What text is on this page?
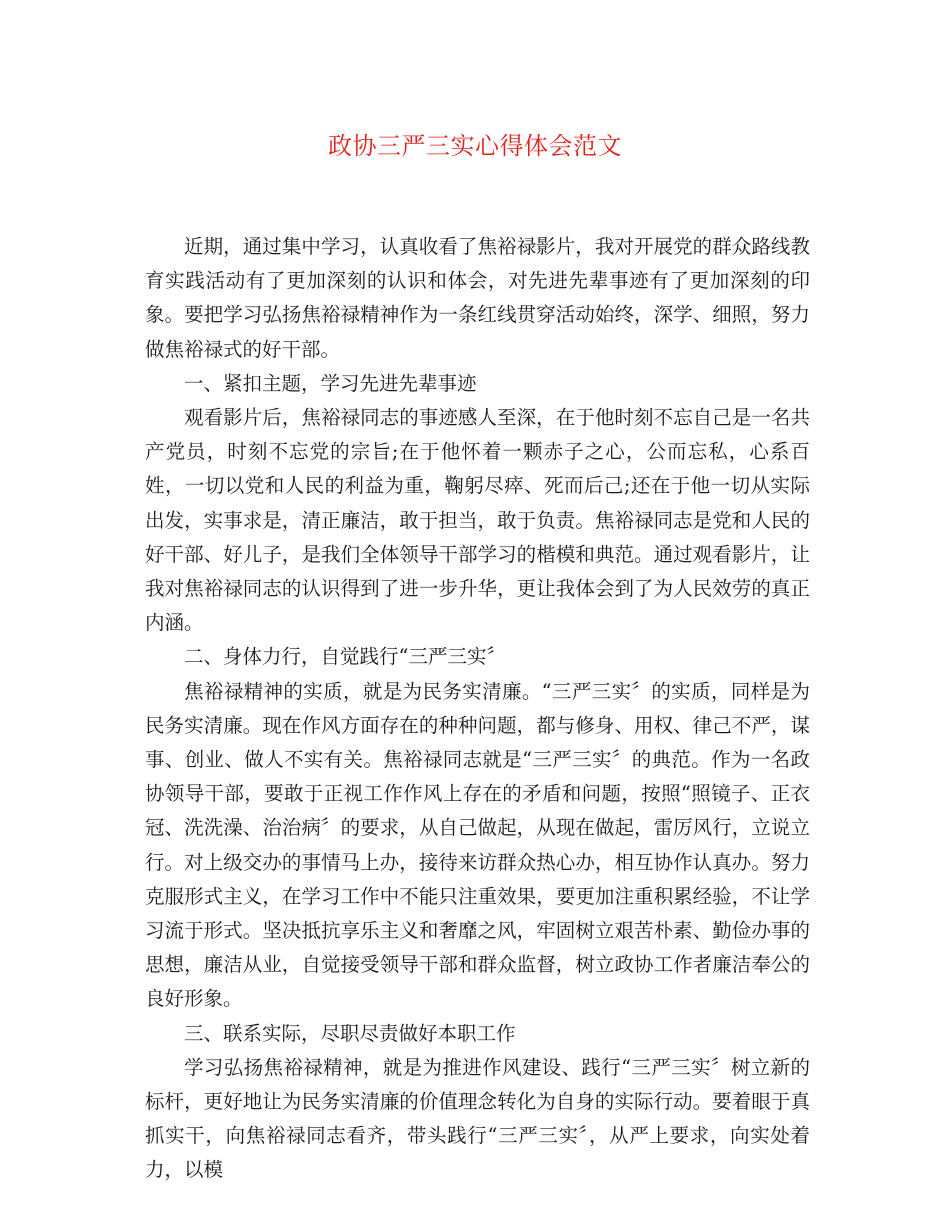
政协三严三实心得体会范文

近期，通过集中学习，认真收看了焦裕禄影片，我对开展党的群众路线教育实践活动有了更加深刻的认识和体会，对先进先辈事迹有了更加深刻的印象。要把学习弘扬焦裕禄精神作为一条红线贯穿活动始终，深学、细照，努力做焦裕禄式的好干部。

一、紧扣主题，学习先进先辈事迹

观看影片后，焦裕禄同志的事迹感人至深，在于他时刻不忘自己是一名共产党员，时刻不忘党的宗旨;在于他怀着一颗赤子之心，公而忘私，心系百姓，一切以党和人民的利益为重，鞠躬尽瘁、死而后己;还在于他一切从实际出发，实事求是，清正廉洁，敢于担当，敢于负责。焦裕禄同志是党和人民的好干部、好儿子，是我们全体领导干部学习的楷模和典范。通过观看影片，让我对焦裕禄同志的认识得到了进一步升华，更让我体会到了为人民效劳的真正内涵。

二、身体力行，自觉践行“三严三实〞

焦裕禄精神的实质，就是为民务实清廉。“三严三实〞的实质，同样是为民务实清廉。现在作风方面存在的种种问题，都与修身、用权、律己不严，谋事、创业、做人不实有关。焦裕禄同志就是“三严三实〞的典范。作为一名政协领导干部，要敢于正视工作作风上存在的矛盾和问题，按照“照镜子、正衣冠、洗洗澡、治治病〞的要求，从自己做起，从现在做起，雷厉风行，立说立行。对上级交办的事情马上办，接待来访群众热心办，相互协作认真办。努力克服形式主义，在学习工作中不能只注重效果，要更加注重积累经验，不让学习流于形式。坚决抵抗享乐主义和奢靡之风，牢固树立艰苦朴素、勤俭办事的思想，廉洁从业，自觉接受领导干部和群众监督，树立政协工作者廉洁奉公的良好形象。

三、联系实际，尽职尽责做好本职工作

学习弘扬焦裕禄精神，就是为推进作风建设、践行“三严三实〞树立新的标杆，更好地让为民务实清廉的价值理念转化为自身的实际行动。要着眼于真抓实干，向焦裕禄同志看齐，带头践行“三严三实〞，从严上要求，向实处着力，以模
